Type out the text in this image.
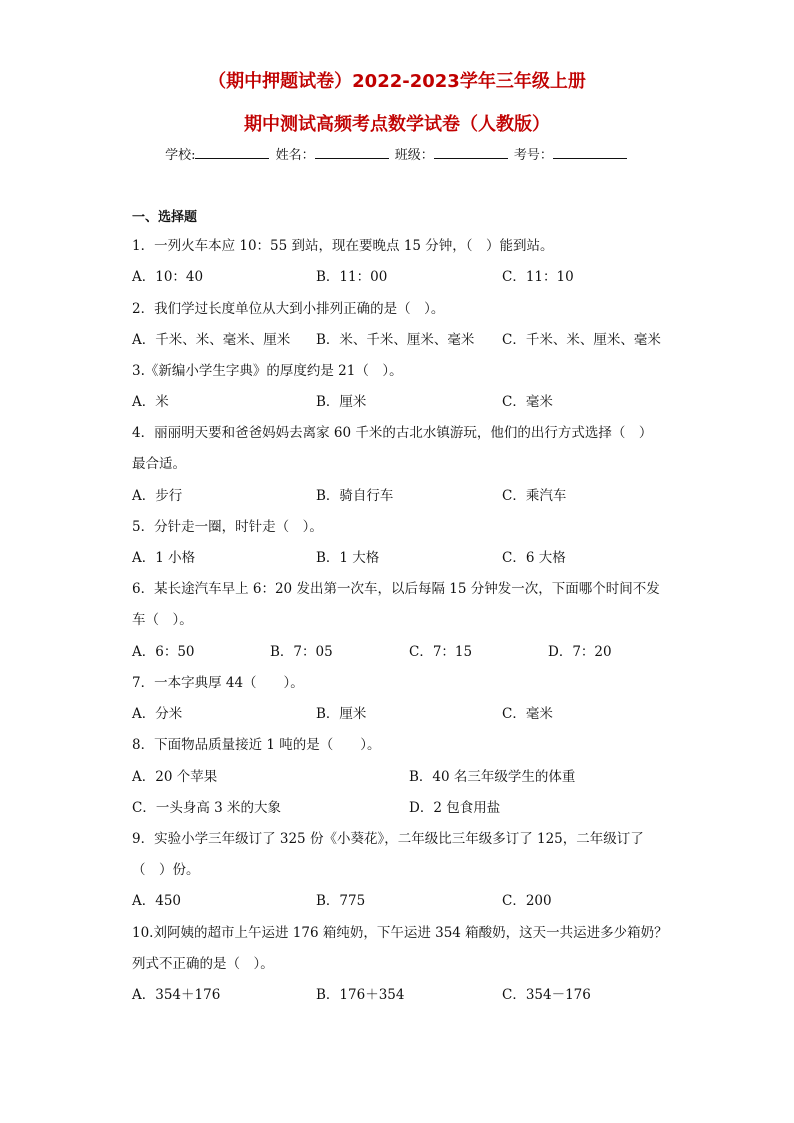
（期中押题试卷）2022-2023学年三年级上册
期中测试高频考点数学试卷（人教版）
学校:	姓名：	班级：	考号：
一、选择题
1．一列火车本应 10：55 到站，现在要晚点 15 分钟，（　）能到站。
A．10：40	B．11：00	C．11：10
2．我们学过长度单位从大到小排列正确的是（　）。
A．千米、米、毫米、厘米 B．米、千米、厘米、毫米 C．千米、米、厘米、毫米
3.《新编小学生字典》的厚度约是 21（　）。
A．米	B．厘米	C．毫米
4．丽丽明天要和爸爸妈妈去离家 60 千米的古北水镇游玩，他们的出行方式选择（　）
最合适。
A．步行	B．骑自行车	C．乘汽车
5．分针走一圈，时针走（　）。
A．1 小格	B．1 大格	C．6 大格
6．某长途汽车早上 6：20 发出第一次车，以后每隔 15 分钟发一次，下面哪个时间不发
车（　）。
A．6：50	B．7：05	C．7：15	D．7：20
7．一本字典厚 44（　　）。
A．分米	B．厘米	C．毫米
8．下面物品质量接近 1 吨的是（　　）。
A．20 个苹果	B．40 名三年级学生的体重
C．一头身高 3 米的大象	D．2 包食用盐
9．实验小学三年级订了 325 份《小葵花》，二年级比三年级多订了 125，二年级订了
（　）份。
A．450	B．775	C．200
10.刘阿姨的超市上午运进 176 箱纯奶，下午运进 354 箱酸奶，这天一共运进多少箱奶？
列式不正确的是（　）。
A．354＋176	B．176＋354	C．354－176
